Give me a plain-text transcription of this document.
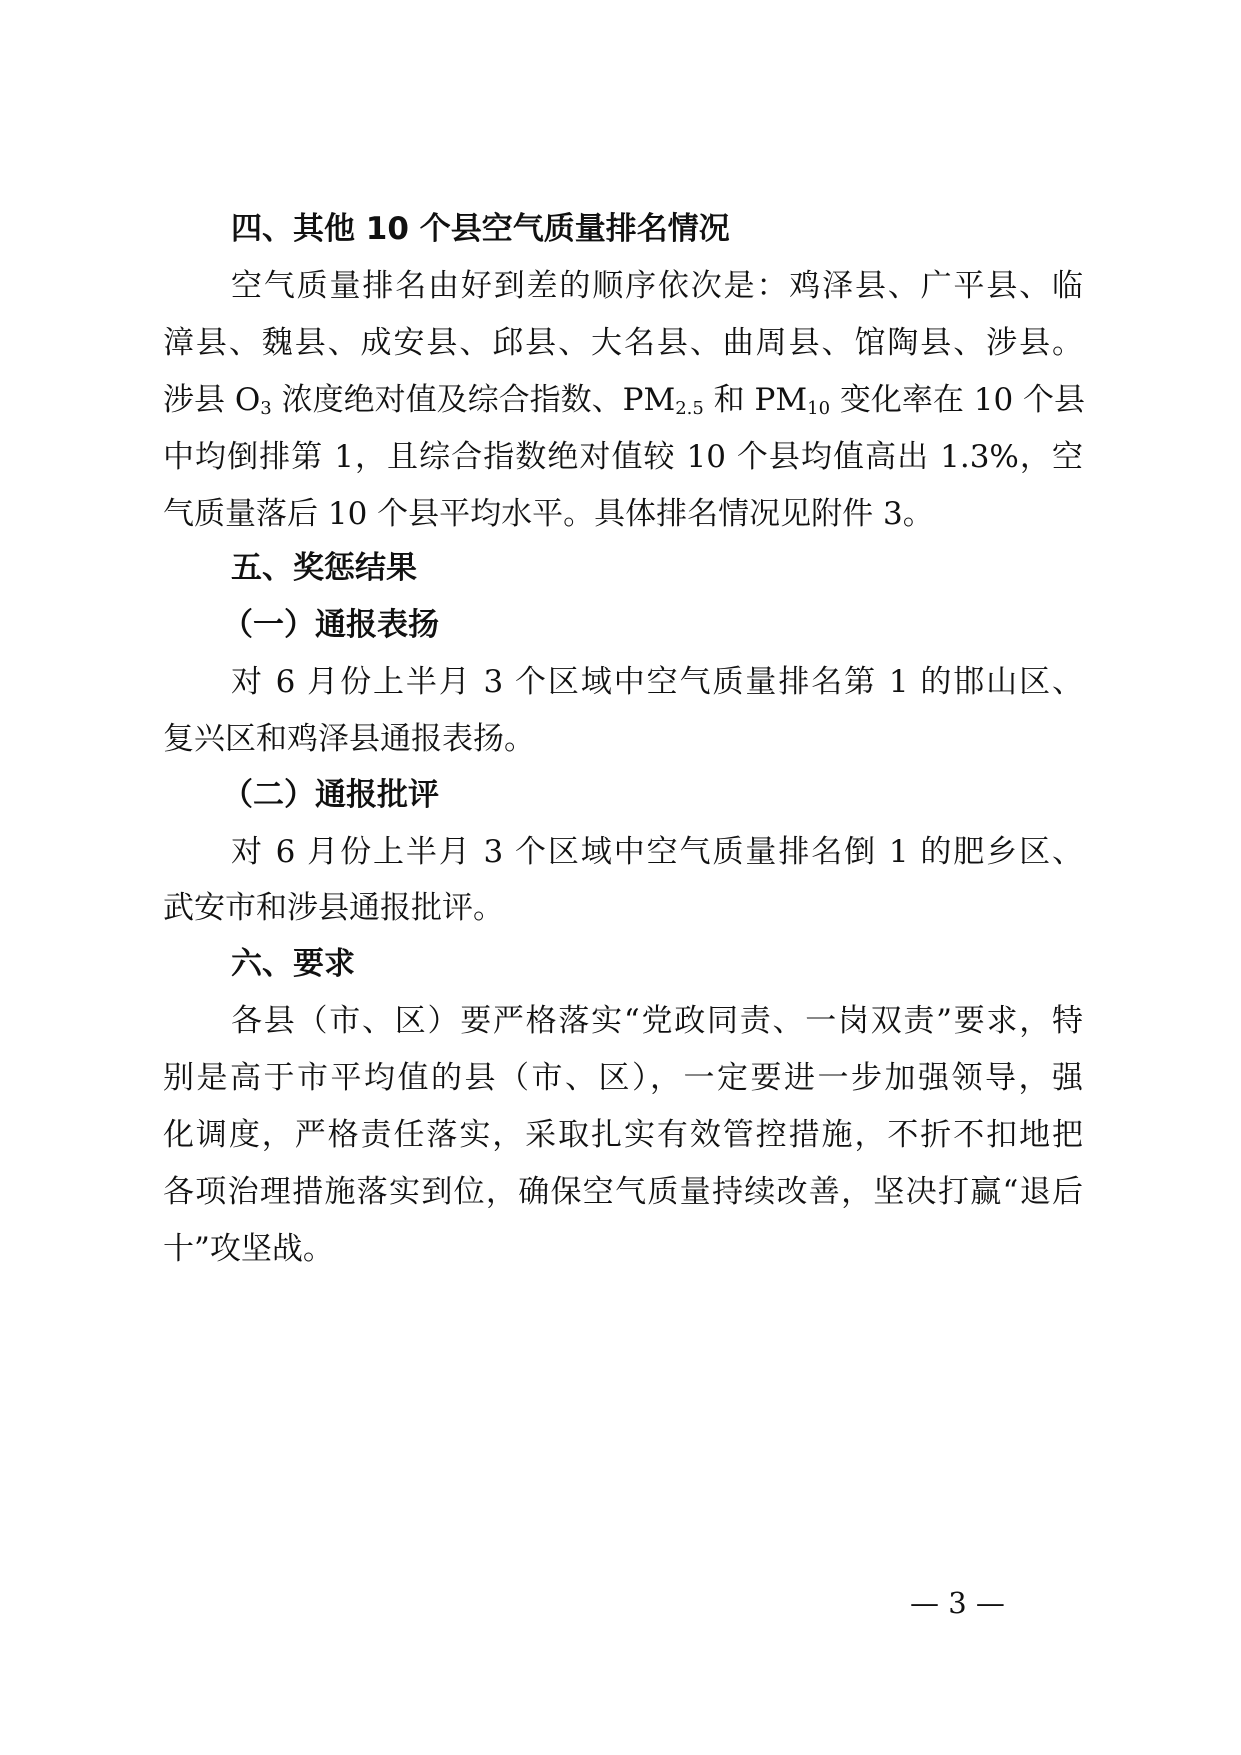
四、其他 10 个县空气质量排名情况
空气质量排名由好到差的顺序依次是：鸡泽县、广平县、临
漳县、魏县、成安县、邱县、大名县、曲周县、馆陶县、涉县。
涉县 $O_3$ 浓度绝对值及综合指数、$PM_{2.5}$ 和 $PM_{10}$ 变化率在 10 个县
中均倒排第 1，且综合指数绝对值较 10 个县均值高出 1.3%，空
气质量落后 10 个县平均水平。具体排名情况见附件 3。
五、奖惩结果
（一）通报表扬
对 6 月份上半月 3 个区域中空气质量排名第 1 的邯山区、
复兴区和鸡泽县通报表扬。
（二）通报批评
对 6 月份上半月 3 个区域中空气质量排名倒 1 的肥乡区、
武安市和涉县通报批评。
六、要求
各县（市、区）要严格落实“党政同责、一岗双责”要求，特
别是高于市平均值的县（市、区），一定要进一步加强领导，强
化调度，严格责任落实，采取扎实有效管控措施，不折不扣地把
各项治理措施落实到位，确保空气质量持续改善，坚决打赢“退后
十”攻坚战。
— 3 —
